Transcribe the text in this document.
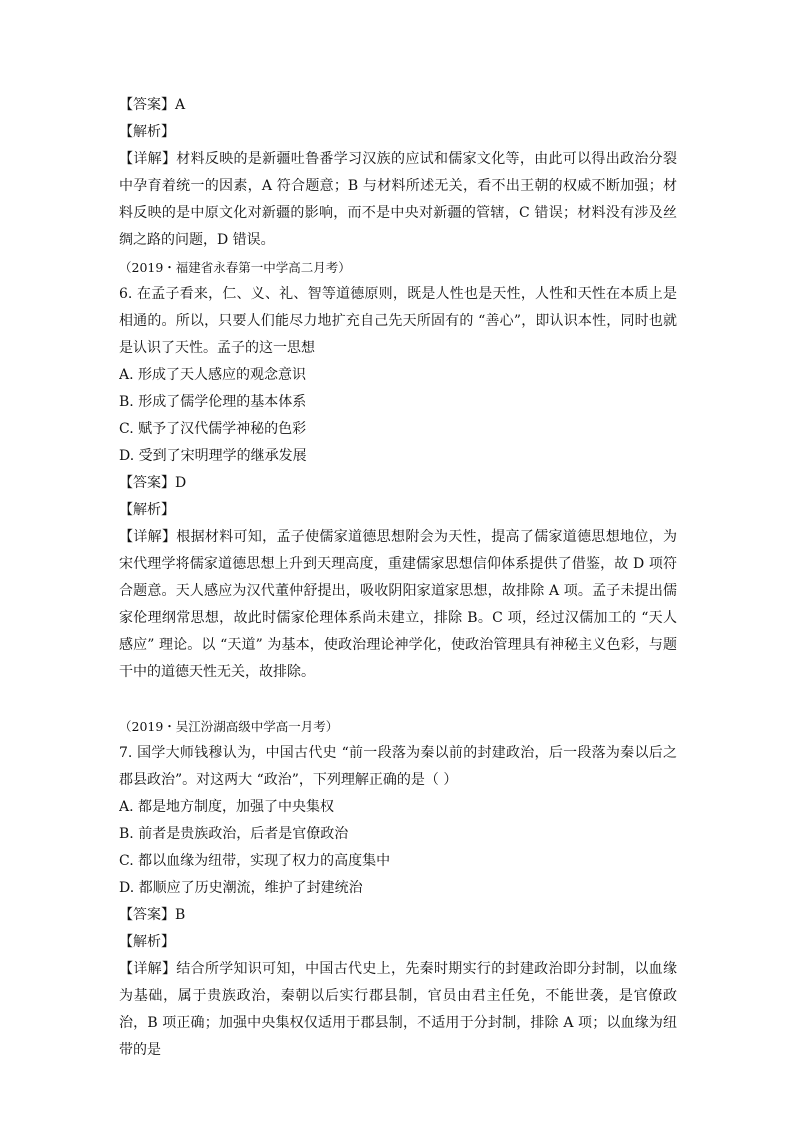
【答案】A
【解析】
【详解】材料反映的是新疆吐鲁番学习汉族的应试和儒家文化等，由此可以得出政治分裂中孕育着统一的因素，A 符合题意；B 与材料所述无关，看不出王朝的权威不断加强；材料反映的是中原文化对新疆的影响，而不是中央对新疆的管辖，C 错误；材料没有涉及丝绸之路的问题，D 错误。
（2019・福建省永春第一中学高二月考）
6. 在孟子看来，仁、义、礼、智等道德原则，既是人性也是天性，人性和天性在本质上是相通的。所以，只要人们能尽力地扩充自己先天所固有的 “善心”，即认识本性，同时也就是认识了天性。孟子的这一思想
A. 形成了天人感应的观念意识
B. 形成了儒学伦理的基本体系
C. 赋予了汉代儒学神秘的色彩
D. 受到了宋明理学的继承发展
【答案】D
【解析】
【详解】根据材料可知，孟子使儒家道德思想附会为天性，提高了儒家道德思想地位，为宋代理学将儒家道德思想上升到天理高度，重建儒家思想信仰体系提供了借鉴，故 D 项符合题意。天人感应为汉代董仲舒提出，吸收阴阳家道家思想，故排除 A 项。孟子未提出儒家伦理纲常思想，故此时儒家伦理体系尚未建立，排除 B。C 项，经过汉儒加工的 “天人感应” 理论。以 “天道” 为基本，使政治理论神学化，使政治管理具有神秘主义色彩，与题干中的道德天性无关，故排除。
（2019・吴江汾湖高级中学高一月考）
7. 国学大师钱穆认为，中国古代史 “前一段落为秦以前的封建政治，后一段落为秦以后之郡县政治”。对这两大 “政治”，下列理解正确的是（ ）
A. 都是地方制度，加强了中央集权
B. 前者是贵族政治，后者是官僚政治
C. 都以血缘为纽带，实现了权力的高度集中
D. 都顺应了历史潮流，维护了封建统治
【答案】B
【解析】
【详解】结合所学知识可知，中国古代史上，先秦时期实行的封建政治即分封制，以血缘为基础，属于贵族政治，秦朝以后实行郡县制，官员由君主任免，不能世袭，是官僚政治，B 项正确；加强中央集权仅适用于郡县制，不适用于分封制，排除 A 项；以血缘为纽带的是
